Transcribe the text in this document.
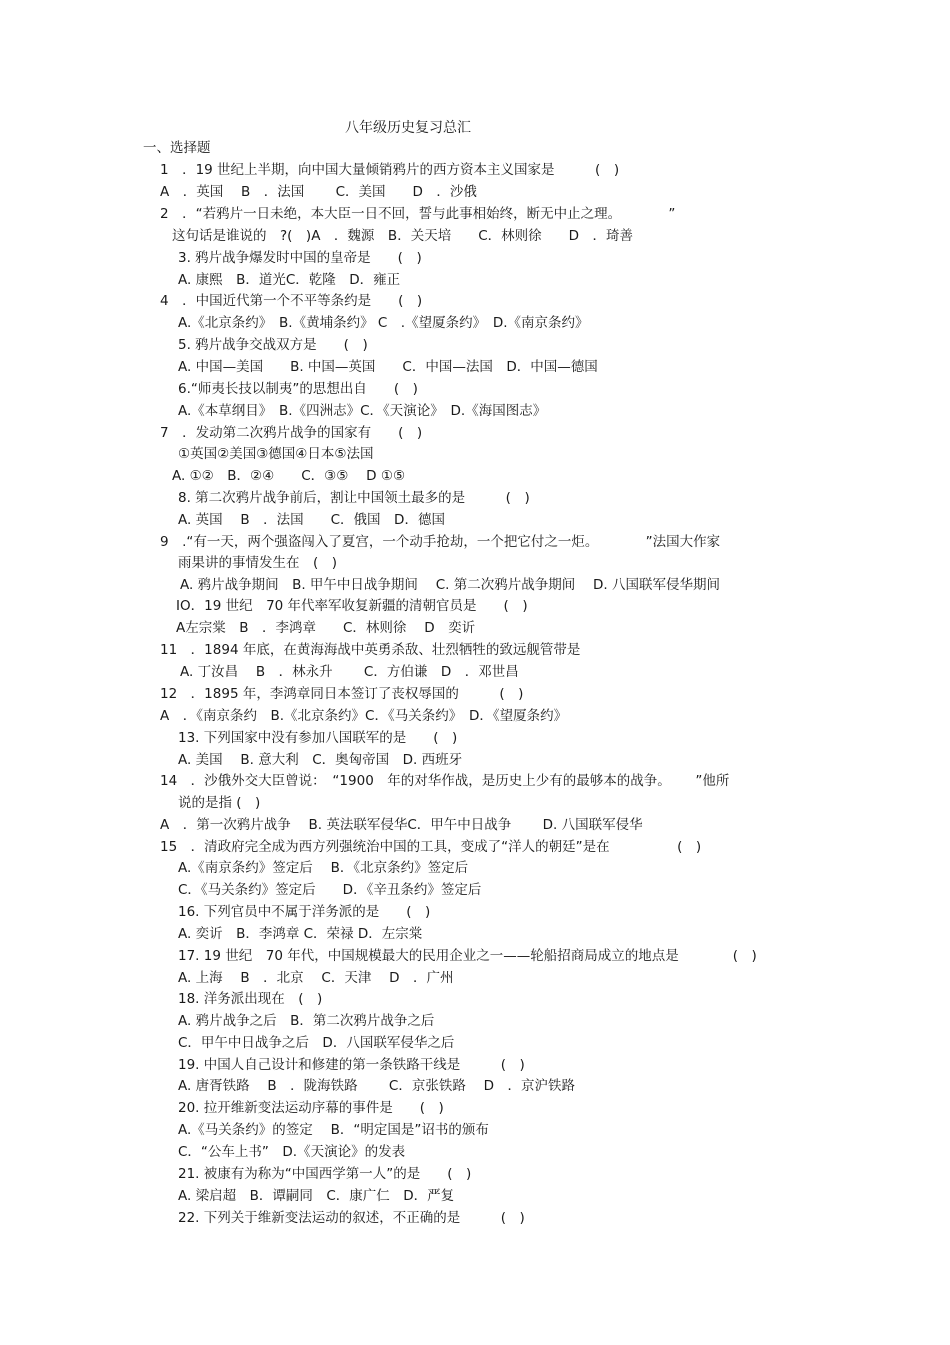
八年级历史复习总汇
一、选择题
1　．19 世纪上半期，向中国大量倾销鸦片的西方资本主义国家是　　　(　)
A　．英国　 B　．法国　　 C．美国　　D　．沙俄
2　．“若鸦片一日未绝，本大臣一日不回，誓与此事相始终，断无中止之理。　　　　”
这句话是谁说的　?(　)A　．魏源　B．关天培　　C．林则徐　　D　．琦善
3. 鸦片战争爆发时中国的皇帝是　　(　)
A. 康熙　B．道光C．乾隆　D．雍正
4　．中国近代第一个不平等条约是　　(　)
A.《北京条约》　B.《黄埔条约》 C　.《望厦条约》　D.《南京条约》
5. 鸦片战争交战双方是　　(　)
A. 中国—美国　　B. 中国—英国　　C．中国—法国　D．中国—德国
6.“师夷长技以制夷”的思想出自　　(　)
A.《本草纲目》　B.《四洲志》C．《天演论》　D.《海国图志》
7　．发动第二次鸦片战争的国家有　　(　)
①英国②美国③德国④日本⑤法国
A. ①②　B．②④　　C．③⑤　 D ①⑤
8. 第二次鸦片战争前后，割让中国领土最多的是　　　(　)
A. 英国　 B　．法国　　C．俄国　D．德国
9　.“有一天，两个强盗闯入了夏宫，一个动手抢劫，一个把它付之一炬。　　　　”法国大作家
雨果讲的事情发生在　(　)
A. 鸦片战争期间　B. 甲午中日战争期间　 C. 第二次鸦片战争期间　 D. 八国联军侵华期间
IO．19 世纪　70 年代率军收复新疆的清朝官员是　　(　)
A左宗棠　B　．李鸿章　　C．林则徐　 D　奕䜣
11　．1894 年底，在黄海海战中英勇杀敌、壮烈牺牲的致远舰管带是
A. 丁汝昌　 B　．林永升　　 C．方伯谦　D　．邓世昌
12　．1895 年，李鸿章同日本签订了丧权辱国的　　　(　)
A　．《南京条约　B.《北京条约》C．《马关条约》　D．《望厦条约》
13. 下列国家中没有参加八国联军的是　　(　)
A. 美国　 B. 意大利　C．奥匈帝国　D. 西班牙
14　．沙俄外交大臣曾说：　“1900　年的对华作战，是历史上少有的最够本的战争。　　 ”他所
说的是指 (　)
A　．第一次鸦片战争　 B. 英法联军侵华C．甲午中日战争　　 D. 八国联军侵华
15　．清政府完全成为西方列强统治中国的工具，变成了“洋人的朝廷”是在　　　　　(　)
A.《南京条约》签定后　 B．《北京条约》签定后
C．《马关条约》签定后　　D．《辛丑条约》签定后
16. 下列官员中不属于洋务派的是　　(　)
A. 奕䜣　B．李鸿章 C．荣禄 D．左宗棠
17. 19 世纪　70 年代，中国规模最大的民用企业之一——轮船招商局成立的地点是　　　　(　)
A. 上海　 B　．北京　 C．天津　 D　．广州
18. 洋务派出现在　(　)
A. 鸦片战争之后　B．第二次鸦片战争之后
C．甲午中日战争之后　D．八国联军侵华之后
19. 中国人自己设计和修建的第一条铁路干线是　　　(　)
A. 唐胥铁路　 B　．陇海铁路　　 C．京张铁路　 D　．京沪铁路
20. 拉开维新变法运动序幕的事件是　　(　)
A.《马关条约》的签定　 B．“明定国是”诏书的颁布
C．“公车上书”　D.《天演论》的发表
21. 被康有为称为“中国西学第一人”的是　　(　)
A. 梁启超　B．谭嗣同　C．康广仁　D．严复
22. 下列关于维新变法运动的叙述，不正确的是　　　(　)
